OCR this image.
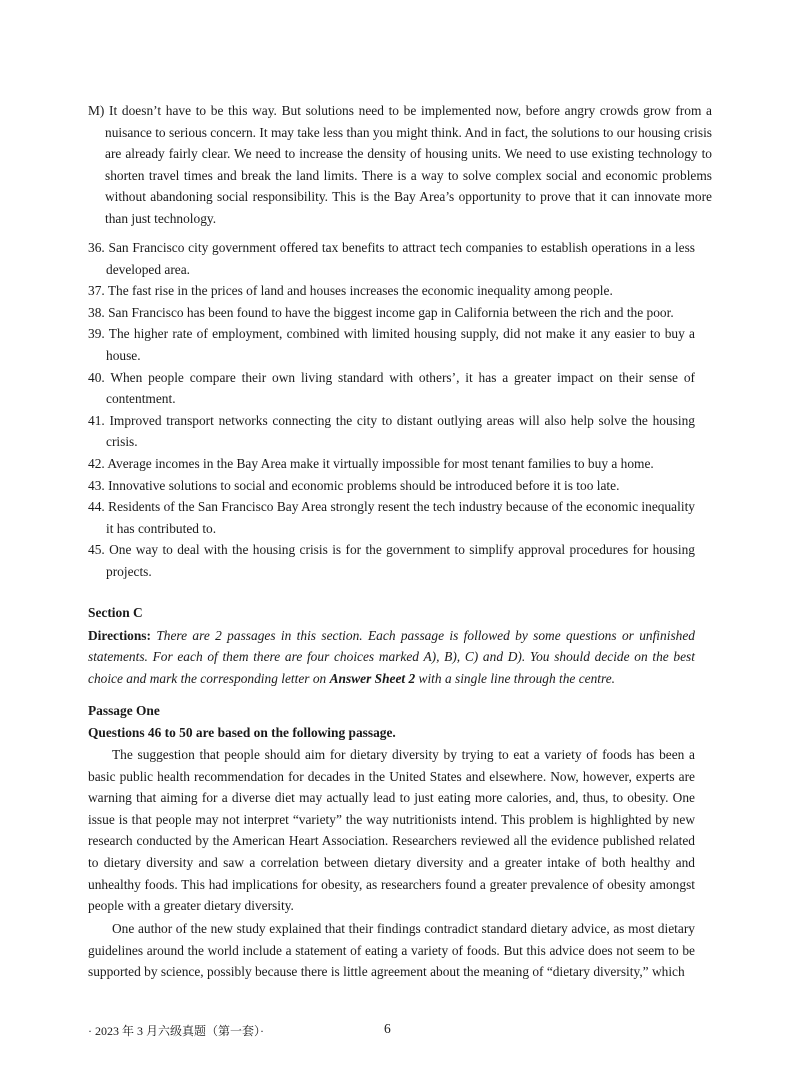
M) It doesn’t have to be this way. But solutions need to be implemented now, before angry crowds grow from a nuisance to serious concern. It may take less than you might think. And in fact, the solutions to our housing crisis are already fairly clear. We need to increase the density of housing units. We need to use existing technology to shorten travel times and break the land limits. There is a way to solve complex social and economic problems without abandoning social responsibility. This is the Bay Area’s opportunity to prove that it can innovate more than just technology.
36. San Francisco city government offered tax benefits to attract tech companies to establish operations in a less developed area.
37. The fast rise in the prices of land and houses increases the economic inequality among people.
38. San Francisco has been found to have the biggest income gap in California between the rich and the poor.
39. The higher rate of employment, combined with limited housing supply, did not make it any easier to buy a house.
40. When people compare their own living standard with others’, it has a greater impact on their sense of contentment.
41. Improved transport networks connecting the city to distant outlying areas will also help solve the housing crisis.
42. Average incomes in the Bay Area make it virtually impossible for most tenant families to buy a home.
43. Innovative solutions to social and economic problems should be introduced before it is too late.
44. Residents of the San Francisco Bay Area strongly resent the tech industry because of the economic inequality it has contributed to.
45. One way to deal with the housing crisis is for the government to simplify approval procedures for housing projects.
Section C
Directions: There are 2 passages in this section. Each passage is followed by some questions or unfinished statements. For each of them there are four choices marked A), B), C) and D). You should decide on the best choice and mark the corresponding letter on Answer Sheet 2 with a single line through the centre.
Passage One
Questions 46 to 50 are based on the following passage.
The suggestion that people should aim for dietary diversity by trying to eat a variety of foods has been a basic public health recommendation for decades in the United States and elsewhere. Now, however, experts are warning that aiming for a diverse diet may actually lead to just eating more calories, and, thus, to obesity. One issue is that people may not interpret “variety” the way nutritionists intend. This problem is highlighted by new research conducted by the American Heart Association. Researchers reviewed all the evidence published related to dietary diversity and saw a correlation between dietary diversity and a greater intake of both healthy and unhealthy foods. This had implications for obesity, as researchers found a greater prevalence of obesity amongst people with a greater dietary diversity.
One author of the new study explained that their findings contradict standard dietary advice, as most dietary guidelines around the world include a statement of eating a variety of foods. But this advice does not seem to be supported by science, possibly because there is little agreement about the meaning of “dietary diversity,” which
· 2023 年 3 月六级真题（第一套）·	6
